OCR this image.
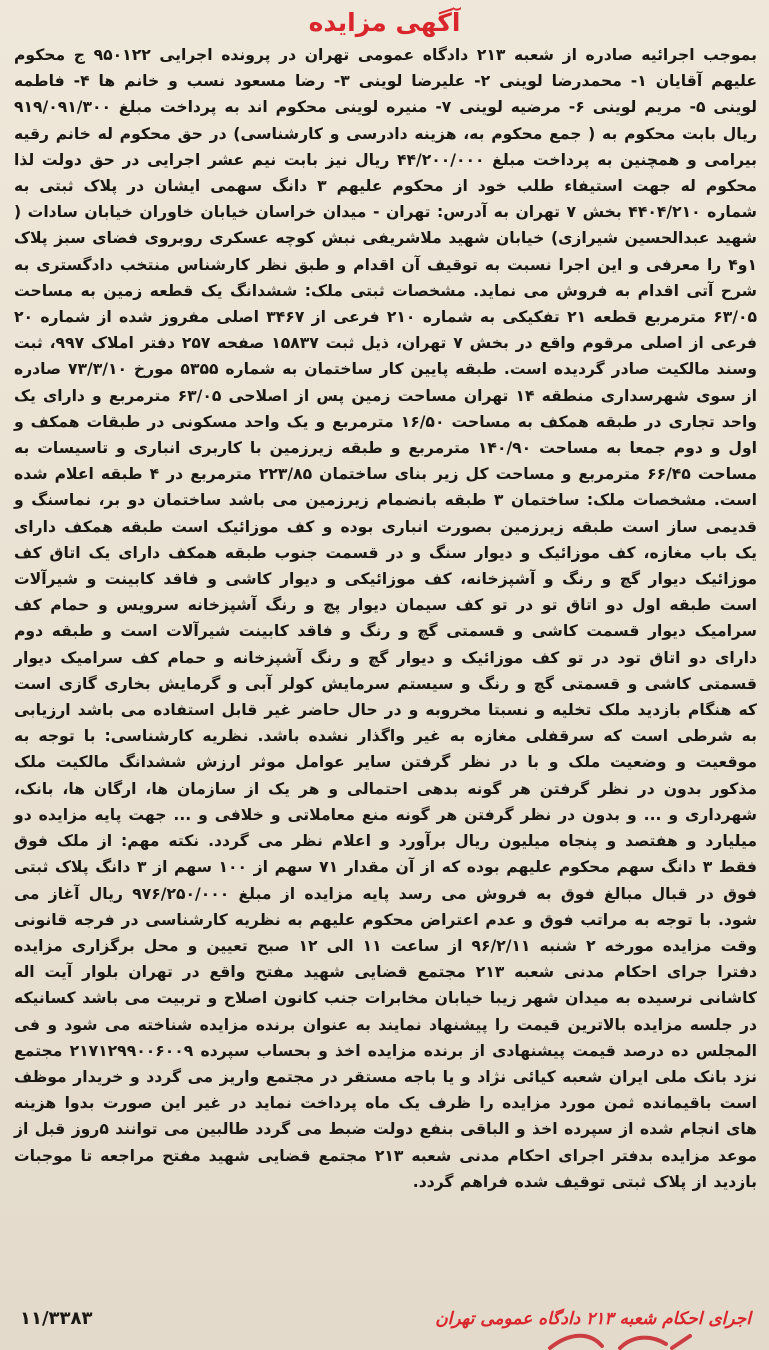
آگهی مزایده

بموجب اجرائیه صادره از شعبه ۲۱۳ دادگاه عمومی تهران در پرونده اجرایی ۹۵۰۱۲۲ ج محکوم علیهم آقایان ۱- محمدرضا لوینی ۲- علیرضا لوینی ۳- رضا مسعود نسب و خانم ها ۴- فاطمه لوینی ۵- مریم لوینی ۶- مرضیه لوینی ۷- منیره لوینی محکوم اند به پرداخت مبلغ ۹۱۹/۰۹۱/۳۰۰ ریال بابت محکوم به ( جمع محکوم به، هزینه دادرسی و کارشناسی) در حق محکوم له خانم رقیه بیرامی و همچنین به پرداخت مبلغ ۴۴/۲۰۰/۰۰۰ ریال نیز بابت نیم عشر اجرایی در حق دولت لذا محکوم له جهت استیفاء طلب خود از محکوم علیهم ۳ دانگ سهمی ایشان در پلاک ثبتی به شماره ۴۴۰۴/۲۱۰ بخش ۷ تهران به آدرس: تهران - میدان خراسان خیابان خاوران خیابان سادات ( شهید عبدالحسین شیرازی) خیابان شهید ملاشریفی نبش کوچه عسکری روبروی فضای سبز پلاک ۱و۴ را معرفی و این اجرا نسبت به توقیف آن اقدام و طبق نظر کارشناس منتخب دادگستری به شرح آتی اقدام به فروش می نماید. مشخصات ثبتی ملک: ششدانگ یک قطعه زمین به مساحت ۶۳/۰۵ مترمربع قطعه ۲۱ تفکیکی به شماره ۲۱۰ فرعی از ۳۴۶۷ اصلی مفروز شده از شماره ۲۰ فرعی از اصلی مرقوم واقع در بخش ۷ تهران، ذیل ثبت ۱۵۸۳۷ صفحه ۲۵۷ دفتر املاک ۹۹۷، ثبت وسند مالکیت صادر گردیده است. طبقه پایین کار ساختمان به شماره ۵۳۵۵ مورخ ۷۳/۳/۱۰ صادره از سوی شهرسداری منطقه ۱۴ تهران مساحت زمین پس از اصلاحی ۶۳/۰۵ مترمربع و دارای یک واحد تجاری در طبقه همکف به مساحت ۱۶/۵۰ مترمربع و یک واحد مسکونی در طبقات همکف و اول و دوم جمعا به مساحت ۱۴۰/۹۰ مترمربع و طبقه زیرزمین با کاربری انباری و تاسیسات به مساحت ۶۶/۴۵ مترمربع و مساحت کل زیر بنای ساختمان ۲۲۳/۸۵ مترمربع در ۴ طبقه اعلام شده است. مشخصات ملک: ساختمان ۳ طبقه بانضمام زیرزمین می باشد ساختمان دو بر، نماسنگ و قدیمی ساز است طبقه زیرزمین بصورت انباری بوده و کف موزائیک است طبقه همکف دارای یک باب مغازه، کف موزائیک و دیوار سنگ و در قسمت جنوب طبقه همکف دارای یک اتاق کف موزائیک دیوار گچ و رنگ و آشپزخانه، کف موزائیکی و دیوار کاشی و فاقد کابینت و شیرآلات است طبقه اول دو اتاق تو در تو کف سیمان دیوار پچ و رنگ آشپزخانه سرویس و حمام کف سرامیک دیوار قسمت کاشی و قسمتی گچ و رنگ و فاقد کابینت شیرآلات است و طبقه دوم دارای دو اتاق تود در تو کف موزائیک و دیوار گچ و رنگ آشپزخانه و حمام کف سرامیک دیوار قسمتی کاشی و قسمتی گچ و رنگ و سیستم سرمایش کولر آبی و گرمایش بخاری گازی است که هنگام بازدید ملک تخلیه و نسبتا مخروبه و در حال حاضر غیر قابل استفاده می باشد ارزیابی به شرطی است که سرقفلی مغازه به غیر واگذار نشده باشد. نظریه کارشناسی: با توجه به موقعیت و وضعیت ملک و با در نظر گرفتن سایر عوامل موثر ارزش ششدانگ مالکیت ملک مذکور بدون در نظر گرفتن هر گونه بدهی احتمالی و هر یک از سازمان ها، ارگان ها، بانک، شهرداری و ... و بدون در نظر گرفتن هر گونه منع معاملاتی و خلافی و ... جهت پایه مزایده دو میلیارد و هفتصد و پنجاه میلیون ریال برآورد و اعلام نظر می گردد. نکته مهم: از ملک فوق فقط ۳ دانگ سهم محکوم علیهم بوده که از آن مقدار ۷۱ سهم از ۱۰۰ سهم از ۳ دانگ پلاک ثبتی فوق در قبال مبالغ فوق به فروش می رسد پایه مزایده از مبلغ ۹۷۶/۲۵۰/۰۰۰ ریال آغاز می شود. با توجه به مراتب فوق و عدم اعتراض محکوم علیهم به نظریه کارشناسی در فرجه قانونی وقت مزایده مورخه ۲ شنبه ۹۶/۲/۱۱ از ساعت ۱۱ الی ۱۲ صبح تعیین و محل برگزاری مزایده دفترا جرای احکام مدنی شعبه ۲۱۳ مجتمع قضایی شهید مفتح واقع در تهران بلوار آیت اله کاشانی نرسیده به میدان شهر زیبا خیابان مخابرات جنب کانون اصلاح و تربیت می باشد کسانیکه در جلسه مزایده بالاترین قیمت را پیشنهاد نمایند به عنوان برنده مزایده شناخته می شود و فی المجلس ده درصد قیمت پیشنهادی از برنده مزایده اخذ و بحساب سپرده ۲۱۷۱۲۹۹۰۰۶۰۰۹ مجتمع نزد بانک ملی ایران شعبه کیائی نژاد و یا باجه مستقر در مجتمع واریز می گردد و خریدار موظف است باقیمانده ثمن مورد مزایده را ظرف یک ماه پرداخت نماید در غیر این صورت بدوا هزینه های انجام شده از سپرده اخذ و الباقی بنفع دولت ضبط می گردد طالبین می توانند ۵روز قبل از موعد مزایده بدفتر اجرای احکام مدنی شعبه ۲۱۳ مجتمع قضایی شهید مفتح مراجعه تا موجبات بازدید از پلاک ثبتی توقیف شده فراهم گردد.

اجرای احکام شعبه ۲۱۳ دادگاه عمومی تهران
۱۱/۳۳۸۳
